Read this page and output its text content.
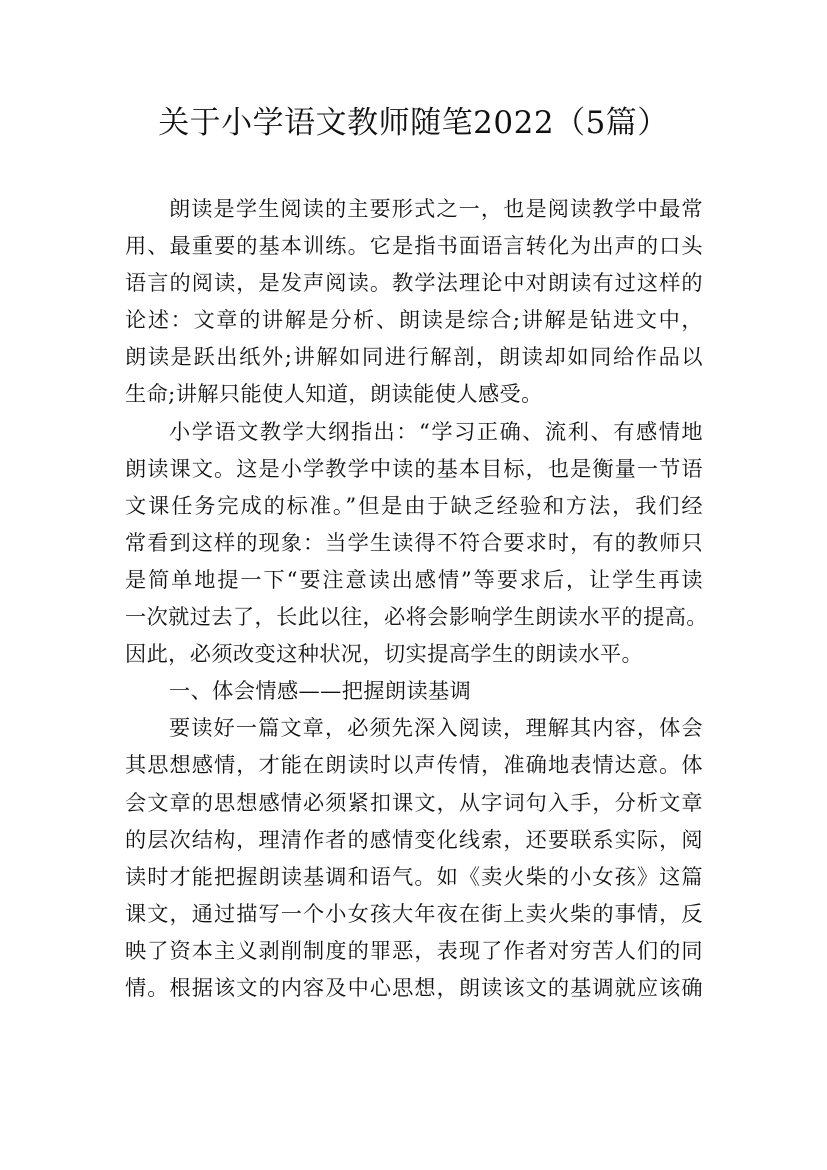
关于小学语文教师随笔2022（5篇）
朗读是学生阅读的主要形式之一，也是阅读教学中最常
用、最重要的基本训练。它是指书面语言转化为出声的口头
语言的阅读，是发声阅读。教学法理论中对朗读有过这样的
论述：文章的讲解是分析、朗读是综合;讲解是钻进文中，
朗读是跃出纸外;讲解如同进行解剖，朗读却如同给作品以
生命;讲解只能使人知道，朗读能使人感受。
小学语文教学大纲指出：“学习正确、流利、有感情地
朗读课文。这是小学教学中读的基本目标，也是衡量一节语
文课任务完成的标准。”但是由于缺乏经验和方法，我们经
常看到这样的现象：当学生读得不符合要求时，有的教师只
是简单地提一下“要注意读出感情”等要求后，让学生再读
一次就过去了，长此以往，必将会影响学生朗读水平的提高。
因此，必须改变这种状况，切实提高学生的朗读水平。
一、体会情感——把握朗读基调
要读好一篇文章，必须先深入阅读，理解其内容，体会
其思想感情，才能在朗读时以声传情，准确地表情达意。体
会文章的思想感情必须紧扣课文，从字词句入手，分析文章
的层次结构，理清作者的感情变化线索，还要联系实际，阅
读时才能把握朗读基调和语气。如《卖火柴的小女孩》这篇
课文，通过描写一个小女孩大年夜在街上卖火柴的事情，反
映了资本主义剥削制度的罪恶，表现了作者对穷苦人们的同
情。根据该文的内容及中心思想，朗读该文的基调就应该确
